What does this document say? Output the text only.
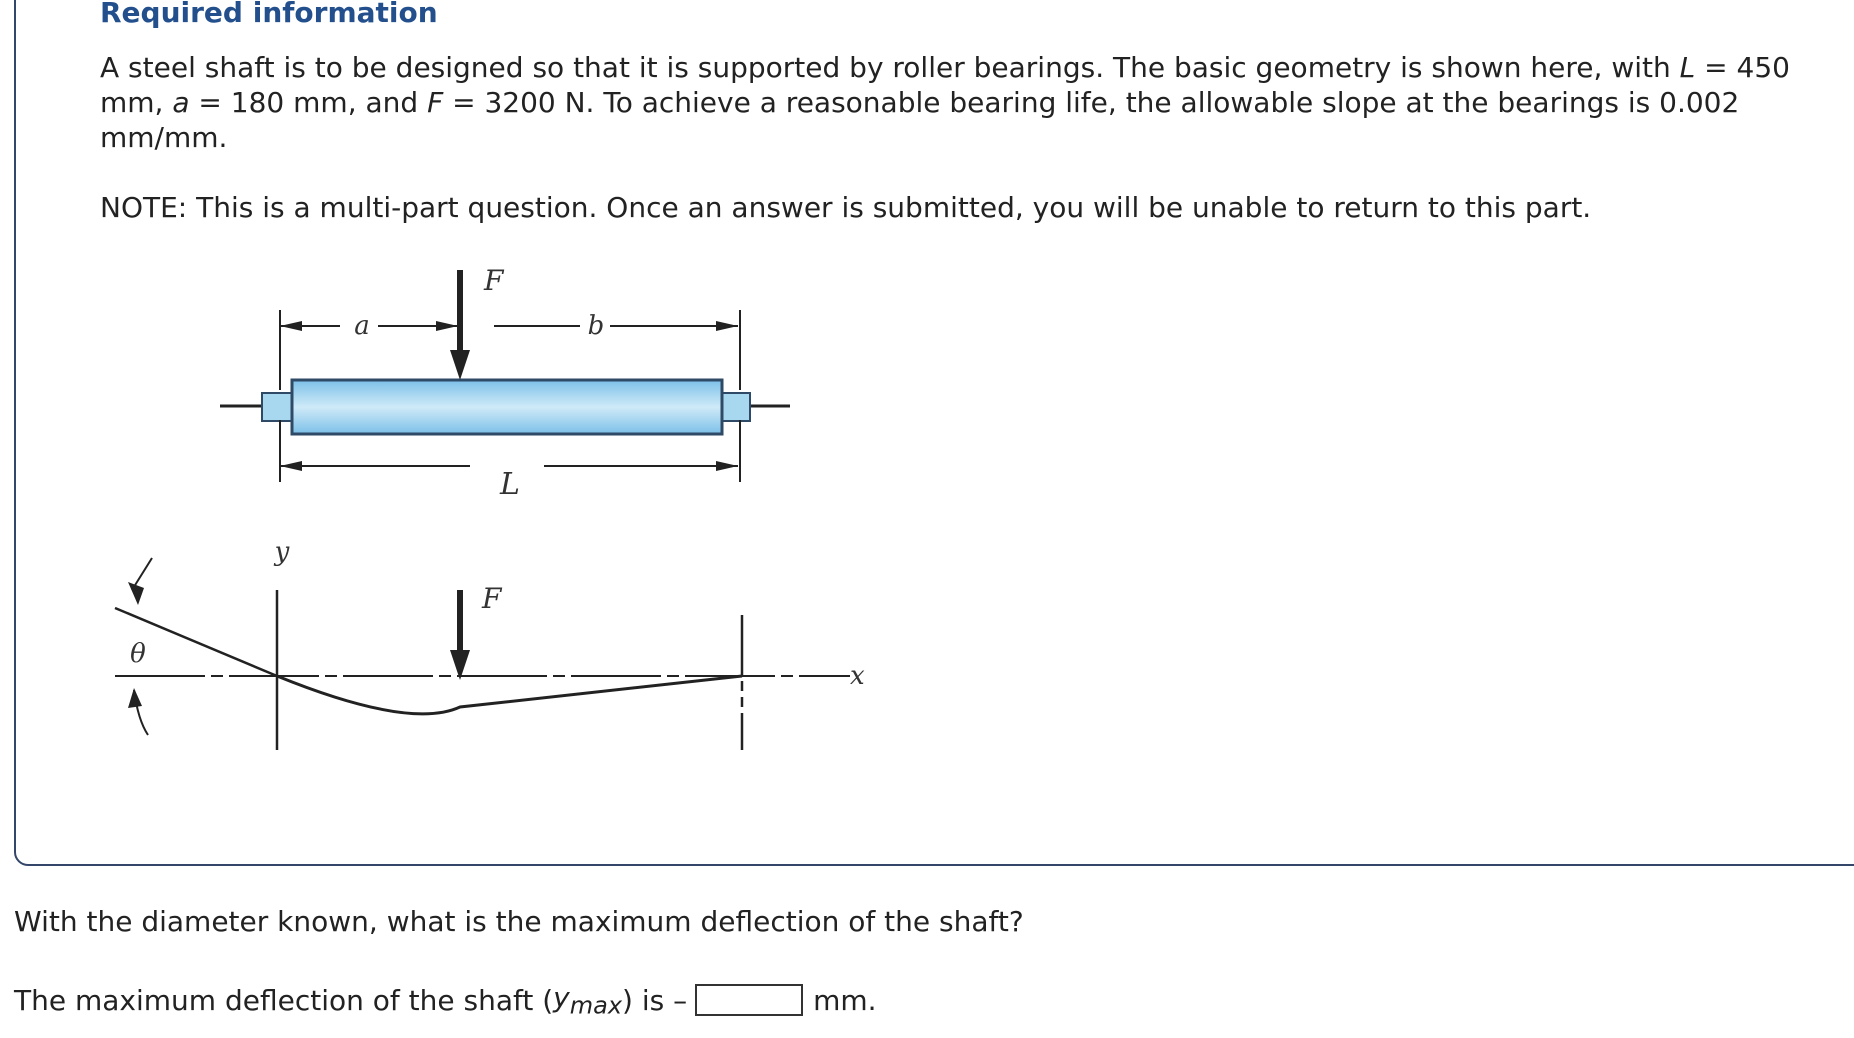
Required information

A steel shaft is to be designed so that it is supported by roller bearings. The basic geometry is shown here, with L = 450 mm, a = 180 mm, and F = 3200 N. To achieve a reasonable bearing life, the allowable slope at the bearings is 0.002 mm/mm.

NOTE: This is a multi-part question. Once an answer is submitted, you will be unable to return to this part.

a	b
F
L
y
F
θ
x

With the diameter known, what is the maximum deflection of the shaft?

The maximum deflection of the shaft ( $y_{max}$ ) is –	mm.
